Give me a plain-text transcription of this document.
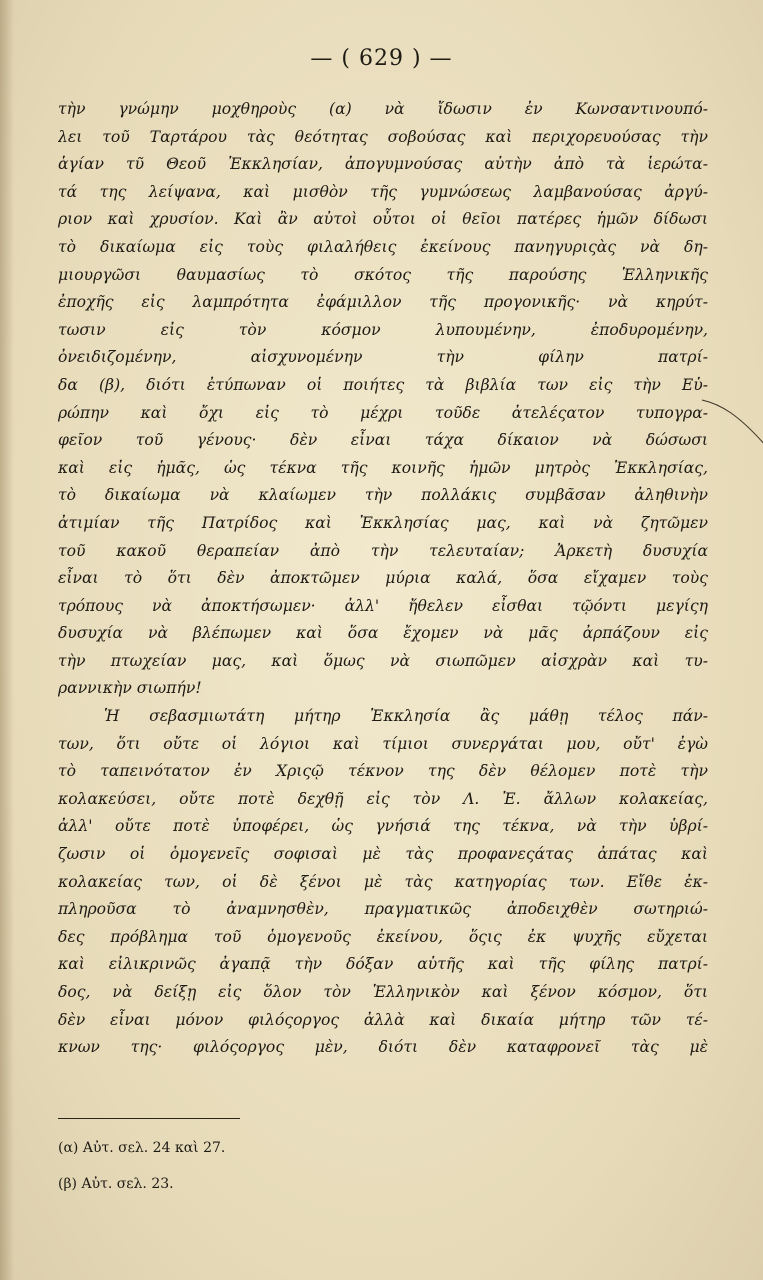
— ( 629 ) —
τὴν γνώμην μοχθηροὺς (α) νὰ ἴδωσιν ἐν Κωνσαντινουπό-
λει τοῦ Ταρτάρου τὰς θεότητας σοβούσας καὶ περιχορευούσας τὴν
ἁγίαν τῦ Θεοῦ Ἐκκλησίαν, ἀπογυμνούσας αὐτὴν ἀπὸ τὰ ἱερώτα-
τά της λείψανα, καὶ μισθὸν τῆς γυμνώσεως λαμβανούσας ἀργύ-
ριον καὶ χρυσίον. Καὶ ἂν αὐτοὶ οὗτοι οἱ θεῖοι πατέρες ἡμῶν δίδωσι
τὸ δικαίωμα εἰς τοὺς φιλαλήθεις ἐκείνους πανηγυριςὰς νὰ δη-
μιουργῶσι θαυμασίως τὸ σκότος τῆς παρούσης Ἑλληνικῆς
ἐποχῆς εἰς λαμπρότητα ἐφάμιλλον τῆς προγονικῆς· νὰ κηρύτ-
τωσιν εἰς τὸν κόσμον λυπουμένην, ἐποδυρομένην,
ὀνειδιζομένην, αἰσχυνομένην τὴν φίλην πατρί-
δα (β), διότι ἐτύπωναν οἱ ποιήτες τὰ βιβλία των εἰς τὴν Εὐ-
ρώπην καὶ ὄχι εἰς τὸ μέχρι τοῦδε ἀτελέςατον τυπογρα-
φεῖον τοῦ γένους· δὲν εἶναι τάχα δίκαιον νὰ δώσωσι
καὶ εἰς ἡμᾶς, ὡς τέκνα τῆς κοινῆς ἡμῶν μητρὸς Ἐκκλησίας,
τὸ δικαίωμα νὰ κλαίωμεν τὴν πολλάκις συμβᾶσαν ἀληθινὴν
ἀτιμίαν τῆς Πατρίδος καὶ Ἐκκλησίας μας, καὶ νὰ ζητῶμεν
τοῦ κακοῦ θεραπείαν ἀπὸ τὴν τελευταίαν; Ἀρκετὴ δυσυχία
εἶναι τὸ ὅτι δὲν ἀποκτῶμεν μύρια καλά, ὅσα εἴχαμεν τοὺς
τρόπους νὰ ἀποκτήσωμεν· ἀλλ' ἤθελεν εἶσθαι τῷόντι μεγίςη
δυσυχία νὰ βλέπωμεν καὶ ὅσα ἔχομεν νὰ μᾶς ἀρπάζουν εἰς
τὴν πτωχείαν μας, καὶ ὅμως νὰ σιωπῶμεν αἰσχρὰν καὶ τυ-
ραννικὴν σιωπήν!
Ἡ σεβασμιωτάτη μήτηρ Ἐκκλησία ἂς μάθῃ τέλος πάν-
των, ὅτι οὔτε οἱ λόγιοι καὶ τίμιοι συνεργάται μου, οὔτ' ἐγὼ
τὸ ταπεινότατον ἐν Χριςῷ τέκνον της δὲν θέλομεν ποτὲ τὴν
κολακεύσει, οὔτε ποτὲ δεχθῇ εἰς τὸν Λ. Ἐ. ἄλλων κολακείας,
ἀλλ' οὔτε ποτὲ ὑποφέρει, ὡς γνήσιά της τέκνα, νὰ τὴν ὑβρί-
ζωσιν οἱ ὁμογενεῖς σοφισαὶ μὲ τὰς προφανεςάτας ἀπάτας καὶ
κολακείας των, οἱ δὲ ξένοι μὲ τὰς κατηγορίας των. Εἴθε ἐκ-
πληροῦσα τὸ ἀναμνησθὲν, πραγματικῶς ἀποδειχθὲν σωτηριώ-
δες πρόβλημα τοῦ ὁμογενοῦς ἐκείνου, ὅςις ἐκ ψυχῆς εὔχεται
καὶ εἰλικρινῶς ἀγαπᾷ τὴν δόξαν αὐτῆς καὶ τῆς φίλης πατρί-
δος, νὰ δείξῃ εἰς ὅλον τὸν Ἑλληνικὸν καὶ ξένον κόσμον, ὅτι
δὲν εἶναι μόνον φιλόςοργος ἀλλὰ καὶ δικαία μήτηρ τῶν τέ-
κνων της· φιλόςοργος μὲν, διότι δὲν καταφρονεῖ τὰς μὲ
(α) Αὐτ. σελ. 24 καὶ 27.
(β) Αὐτ. σελ. 23.
